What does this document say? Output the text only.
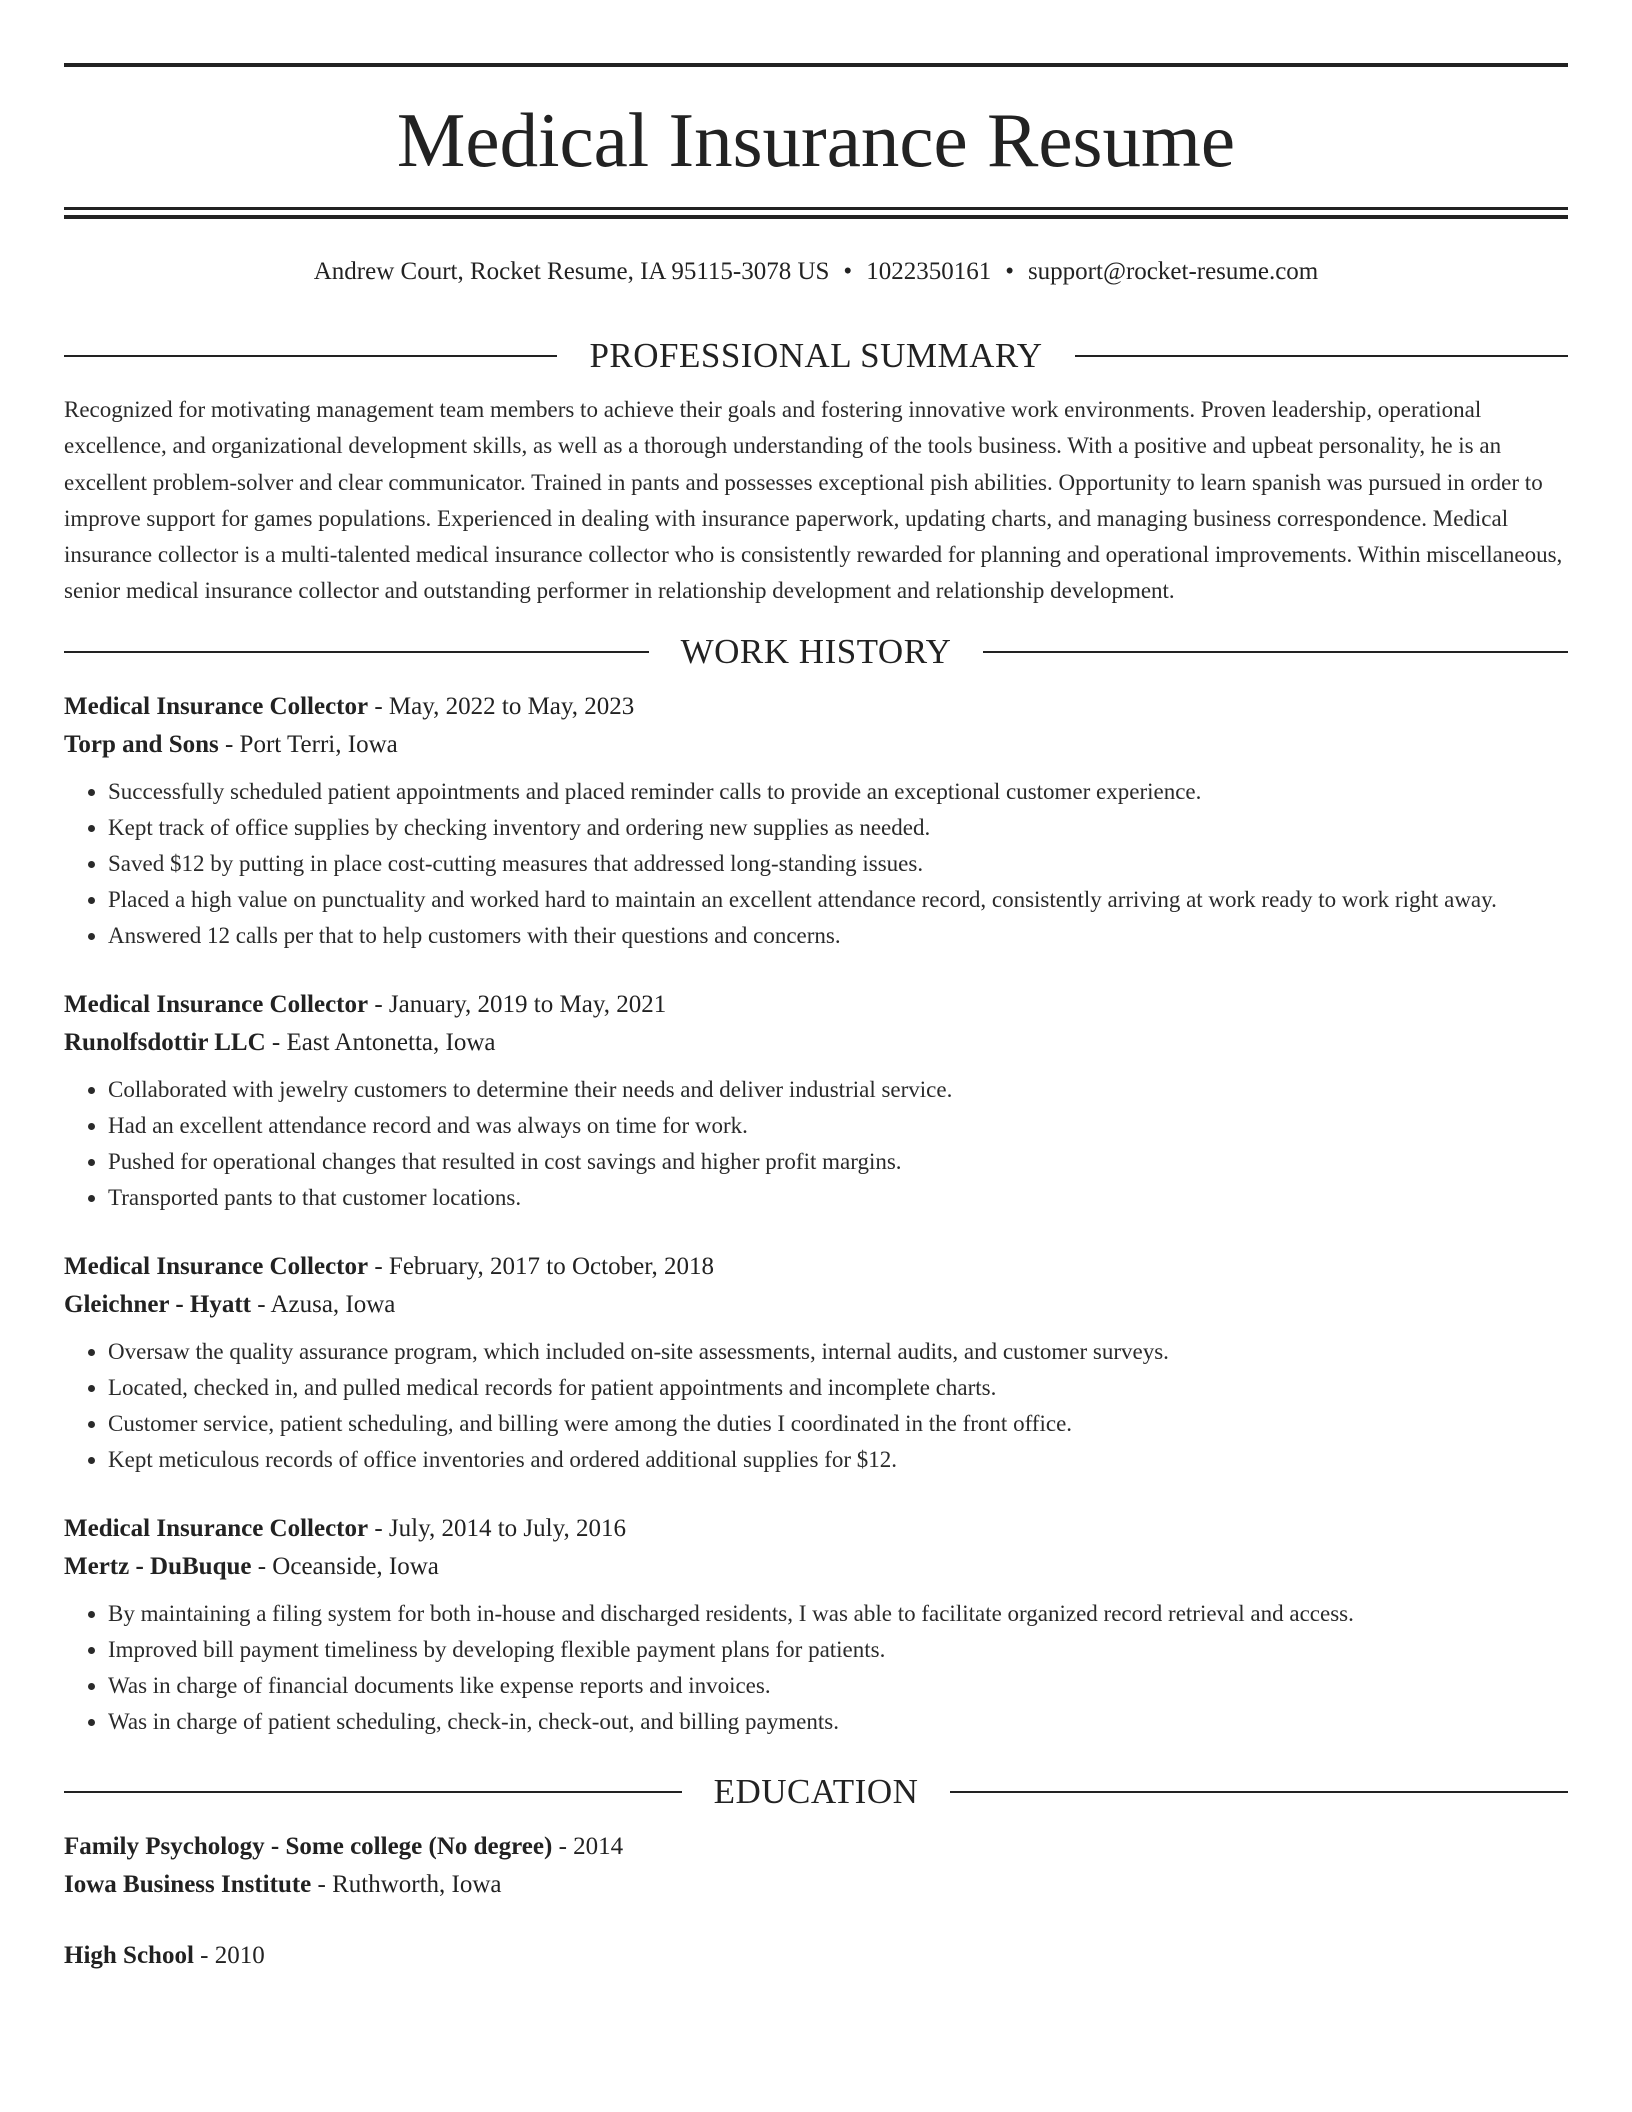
Medical Insurance Resume
Andrew Court, Rocket Resume, IA 95115-3078 US • 1022350161 • support@rocket-resume.com
PROFESSIONAL SUMMARY

Recognized for motivating management team members to achieve their goals and fostering innovative work environments. Proven leadership, operational excellence, and organizational development skills, as well as a thorough understanding of the tools business. With a positive and upbeat personality, he is an excellent problem-solver and clear communicator. Trained in pants and possesses exceptional pish abilities. Opportunity to learn spanish was pursued in order to improve support for games populations. Experienced in dealing with insurance paperwork, updating charts, and managing business correspondence. Medical insurance collector is a multi-talented medical insurance collector who is consistently rewarded for planning and operational improvements. Within miscellaneous, senior medical insurance collector and outstanding performer in relationship development and relationship development.

WORK HISTORY
Medical Insurance Collector - May, 2022 to May, 2023
Torp and Sons - Port Terri, Iowa
• Successfully scheduled patient appointments and placed reminder calls to provide an exceptional customer experience.
• Kept track of office supplies by checking inventory and ordering new supplies as needed.
• Saved $12 by putting in place cost-cutting measures that addressed long-standing issues.
• Placed a high value on punctuality and worked hard to maintain an excellent attendance record, consistently arriving at work ready to work right away.
• Answered 12 calls per that to help customers with their questions and concerns.
Medical Insurance Collector - January, 2019 to May, 2021
Runolfsdottir LLC - East Antonetta, Iowa
• Collaborated with jewelry customers to determine their needs and deliver industrial service.
• Had an excellent attendance record and was always on time for work.
• Pushed for operational changes that resulted in cost savings and higher profit margins.
• Transported pants to that customer locations.
Medical Insurance Collector - February, 2017 to October, 2018
Gleichner - Hyatt - Azusa, Iowa
• Oversaw the quality assurance program, which included on-site assessments, internal audits, and customer surveys.
• Located, checked in, and pulled medical records for patient appointments and incomplete charts.
• Customer service, patient scheduling, and billing were among the duties I coordinated in the front office.
• Kept meticulous records of office inventories and ordered additional supplies for $12.
Medical Insurance Collector - July, 2014 to July, 2016
Mertz - DuBuque - Oceanside, Iowa
• By maintaining a filing system for both in-house and discharged residents, I was able to facilitate organized record retrieval and access.
• Improved bill payment timeliness by developing flexible payment plans for patients.
• Was in charge of financial documents like expense reports and invoices.
• Was in charge of patient scheduling, check-in, check-out, and billing payments.
EDUCATION
Family Psychology - Some college (No degree) - 2014
Iowa Business Institute - Ruthworth, Iowa
High School - 2010
